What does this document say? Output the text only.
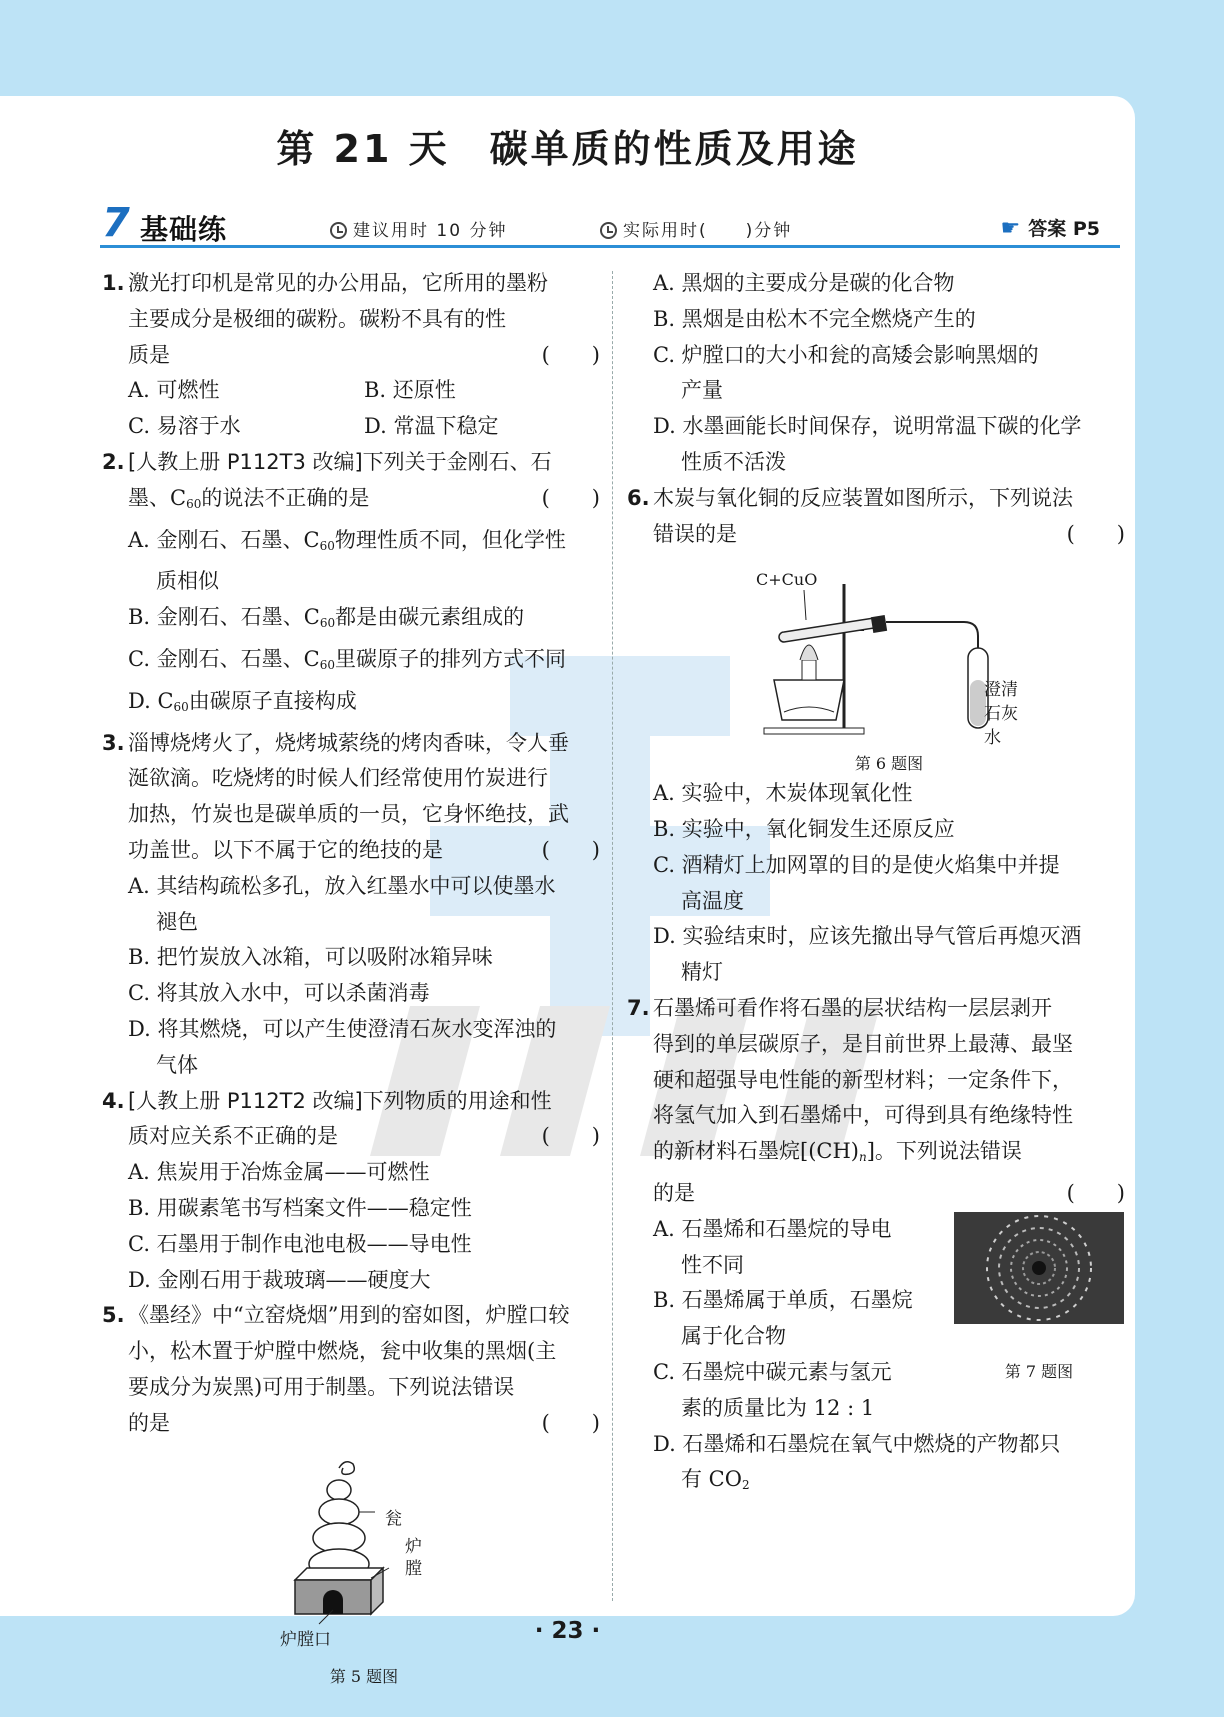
第 21 天 碳单质的性质及用途
7 基础练	建议用时 10 分钟	实际用时(　　)分钟	☛ 答案 P5
1. 激光打印机是常见的办公用品，它所用的墨粉
主要成分是极细的碳粉。碳粉不具有的性
质是	(　　)
A. 可燃性	B. 还原性
C. 易溶于水	D. 常温下稳定
2. [人教上册 P112T3 改编]下列关于金刚石、石
墨、$C_{60}$的说法不正确的是	(　　)
A. 金刚石、石墨、$C_{60}$物理性质不同，但化学性
质相似
B. 金刚石、石墨、$C_{60}$都是由碳元素组成的
C. 金刚石、石墨、$C_{60}$里碳原子的排列方式不同
D. $C_{60}$由碳原子直接构成
3. 淄博烧烤火了，烧烤城萦绕的烤肉香味，令人垂
涎欲滴。吃烧烤的时候人们经常使用竹炭进行
加热，竹炭也是碳单质的一员，它身怀绝技，武
功盖世。以下不属于它的绝技的是	(　　)
A. 其结构疏松多孔，放入红墨水中可以使墨水
褪色
B. 把竹炭放入冰箱，可以吸附冰箱异味
C. 将其放入水中，可以杀菌消毒
D. 将其燃烧，可以产生使澄清石灰水变浑浊的
气体
4. [人教上册 P112T2 改编]下列物质的用途和性
质对应关系不正确的是	(　　)
A. 焦炭用于冶炼金属——可燃性
B. 用碳素笔书写档案文件——稳定性
C. 石墨用于制作电池电极——导电性
D. 金刚石用于裁玻璃——硬度大
5. 《墨经》中“立窑烧烟”用到的窑如图，炉膛口较
小，松木置于炉膛中燃烧，瓮中收集的黑烟(主
要成分为炭黑)可用于制墨。下列说法错误
的是	(　　)
瓮
炉
膛
炉膛口
第 5 题图
A. 黑烟的主要成分是碳的化合物
B. 黑烟是由松木不完全燃烧产生的
C. 炉膛口的大小和瓮的高矮会影响黑烟的
产量
D. 水墨画能长时间保存，说明常温下碳的化学
性质不活泼
6. 木炭与氧化铜的反应装置如图所示，下列说法
错误的是	(　　)
C+CuO
澄清
石灰水
第 6 题图
A. 实验中，木炭体现氧化性
B. 实验中，氧化铜发生还原反应
C. 酒精灯上加网罩的目的是使火焰集中并提
高温度
D. 实验结束时，应该先撤出导气管后再熄灭酒
精灯
7. 石墨烯可看作将石墨的层状结构一层层剥开
得到的单层碳原子，是目前世界上最薄、最坚
硬和超强导电性能的新型材料；一定条件下，
将氢气加入到石墨烯中，可得到具有绝缘特性
的新材料石墨烷$[(CH)_n]$。下列说法错误
的是	(　　)
A. 石墨烯和石墨烷的导电
性不同
B. 石墨烯属于单质，石墨烷
属于化合物
C. 石墨烷中碳元素与氢元
素的质量比为 12 : 1
第 7 题图
D. 石墨烯和石墨烷在氧气中燃烧的产物都只
有 $CO_2$
· 23 ·
